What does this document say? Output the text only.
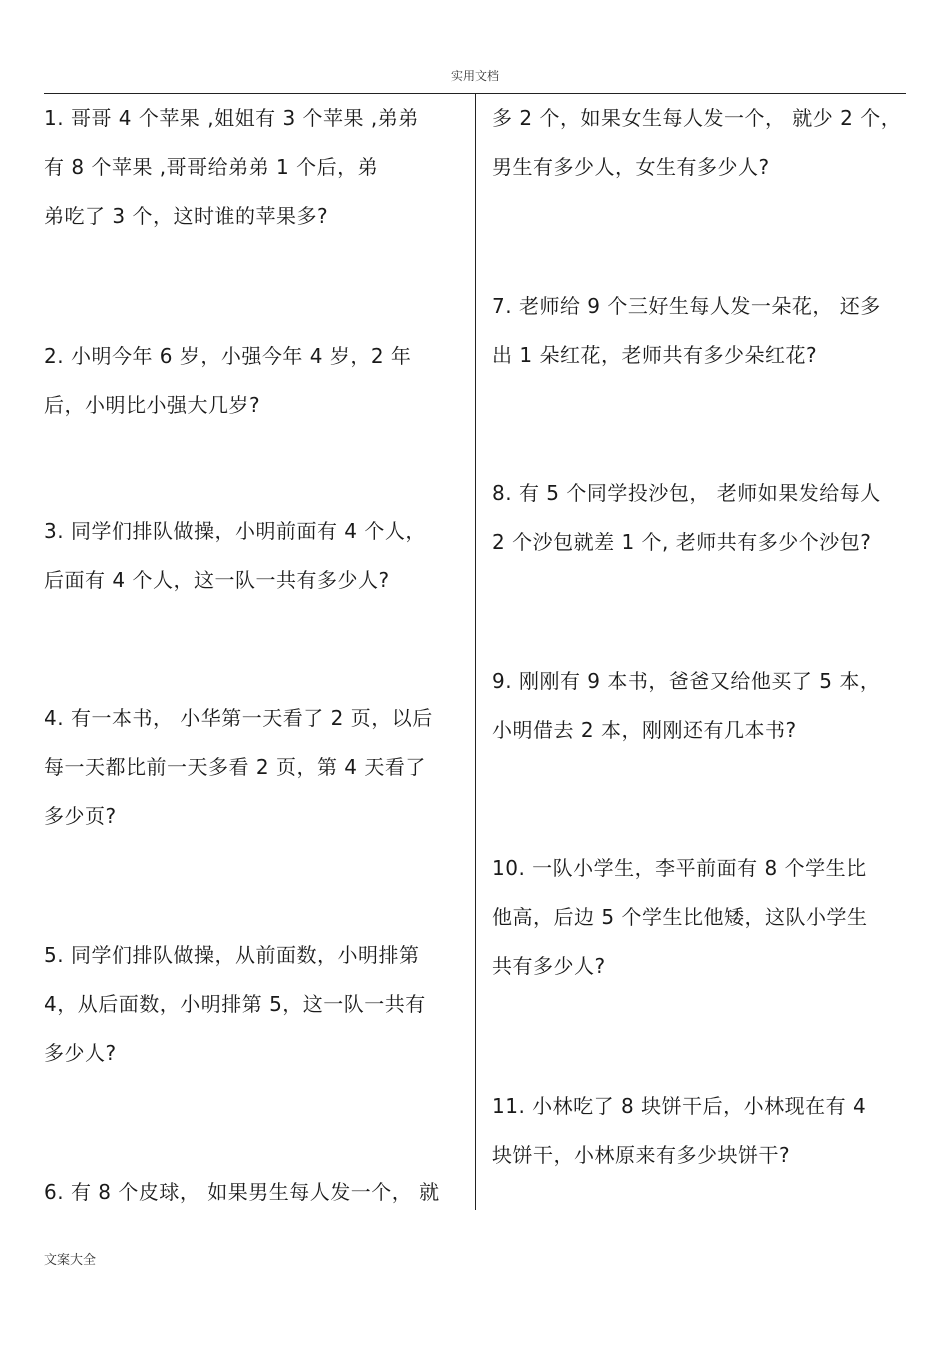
实用文档
1. 哥哥 4 个苹果 ,姐姐有 3 个苹果 ,弟弟
有 8 个苹果 ,哥哥给弟弟 1 个后，弟
弟吃了 3 个，这时谁的苹果多?
2. 小明今年 6 岁，小强今年 4 岁，2 年
后，小明比小强大几岁?
3. 同学们排队做操，小明前面有 4 个人，
后面有 4 个人，这一队一共有多少人?
4. 有一本书， 小华第一天看了 2 页，以后
每一天都比前一天多看 2 页，第 4 天看了
多少页?
5. 同学们排队做操，从前面数，小明排第
4，从后面数，小明排第 5，这一队一共有
多少人?
6. 有 8 个皮球， 如果男生每人发一个， 就
多 2 个，如果女生每人发一个， 就少 2 个，
男生有多少人，女生有多少人?
7. 老师给 9 个三好生每人发一朵花， 还多
出 1 朵红花，老师共有多少朵红花?
8. 有 5 个同学投沙包， 老师如果发给每人
2 个沙包就差 1 个, 老师共有多少个沙包?
9. 刚刚有 9 本书，爸爸又给他买了 5 本，
小明借去 2 本，刚刚还有几本书?
10. 一队小学生，李平前面有 8 个学生比
他高，后边 5 个学生比他矮，这队小学生
共有多少人?
11. 小林吃了 8 块饼干后，小林现在有 4
块饼干，小林原来有多少块饼干?
文案大全
